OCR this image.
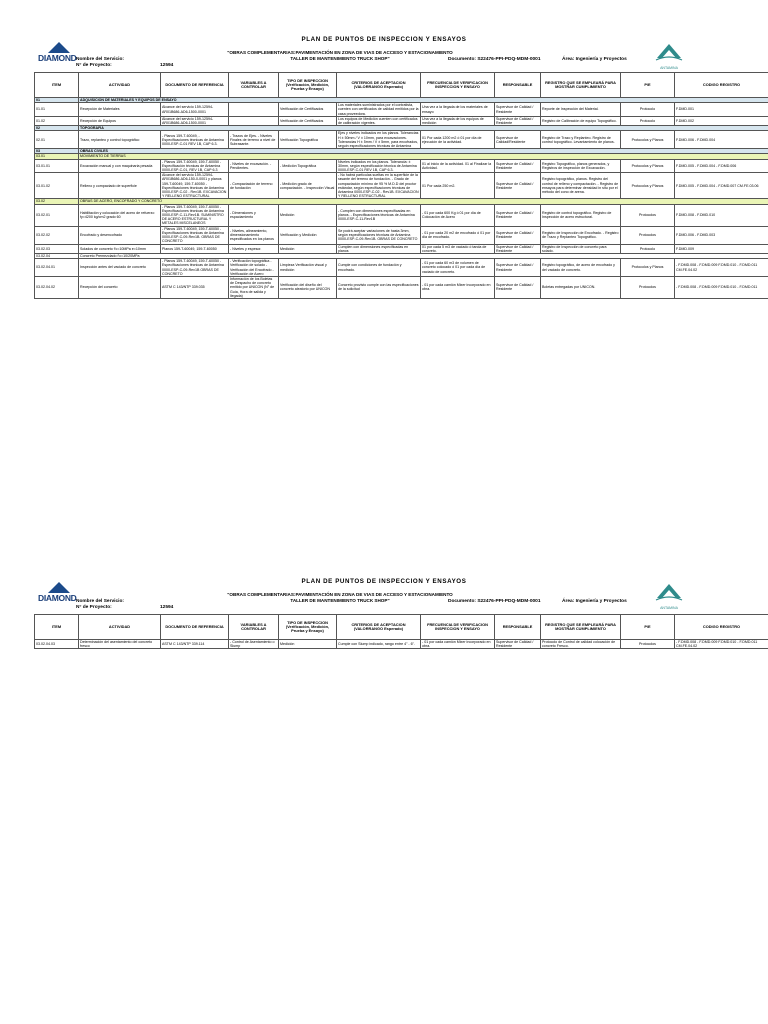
DIAMOND
PLAN DE PUNTOS DE INSPECCION Y ENSAYOS
"OBRAS COMPLEMENTARIAS:PAVIMENTACIÓN EN ZONA DE VIAS DE ACCESO Y ESTACIONAMIENTO
TALLER DE MANTENIMIENTO TRUCK SHOP"
Nombre del Servicio:
N° de Proyecto:	12594
Documento: S22476-PPI-PDQ-MDM-0001	Área: Ingeniería y Proyectos
ANTAMINA
ITEM	ACTIVIDAD	DOCUMENTO DE REFERENCIA	VARIABLES A CONTROLAR	TIPO DE INSPECCION (Verificación, Medición, Prueba y Ensayo)	CRITERIOS DE ACEPTACION (VALORRANGO Esperado)	FRECUENCIA DE VERIFICACION INSPECCION Y ENSAYO	RESPONSABLE	REGISTRO QUE SE EMPLEARÁ PARA MOSTRAR CUMPLIMIENTO	P/E	CODIGO REGISTRO
01	ADQUISICION DE MATERIALES Y EQUIPOS DE ENSAYO									
01.01	Recepción de Materiales	Alcance del servicio 159-12594-AR01B686-AD6-1500-0001		Verificación de Certificados	Los materiales suministrados por el contratista, cuenten con certificados de calidad emitidos por la casa proveedora.	Una vez a la llegada de los materiales de ensayo	Supervisor de Calidad / Residente	Reporte de Inspección del Material.	Protocolo	F.DMD.001
01.02	Recepción de Equipos	Alcance del servicio 159-12594-AR01B686-AD6-1500-0001		Verificación de Certificados	Los equipos de Medición cuenten con certificados de calibración vigentes.	Una vez a la llegada de los equipos de medición	Supervisor de Calidad / Residente	Registro de Calibración de equipo Topográfico.	Protocolo	F.DMD.002
02	TOPOGRAFIA									
02.01	Trazo, replanteo y control topográfico	- Planos 159-T-60049, - Especificaciones técnicas de Antamina 0000-ESP-C-01 REV 1B, CAP 6.3.	- Trazos de Ejes. - Niveles Finales de terreno a nivel de Subrasante.	Verificación Topográfica	Ejes y niveles indicados en los planos. Tolerancias H ± 50mm / V ± 10mm, para excavaciones. Tolerancias H ± 5mm / V ± 5mm, para encofrados, seguin especificaciones técnicas de Antamina	01 Por cada 1200 m2 ó 01 por día de ejecución de la actividad.	Supervisor de Calidad/Residente	Registro de Trazo y Replanteo. Registro de control topográfico. Levantamiento de planos.	Protocolos y Planos	F.DMD.006 - F.DMD.004
03	OBRAS CIVILES									
03.01	MOVIMIENTO DE TIERRAS									
03.01.01	Excavación manual y con maquinaria pesada	- Planos 159-T-60049, 159-T-60050 - Especificación técnicas de Antamina 0000-ESP-C-01, REV 1B, CAP 6.3	- Niveles de excavación. - Pendientes.	- Medición Topográfica	Niveles indicados en los planos. Tolerancia: ± 30mm, según especificación técnica de Antamina 0000-ESP-C-01 REV 1B, CAP 6.3.	01 al inicio de la actividad. 01 al Finalizar la Actividad.	Supervisor de Calidad / Residente	Registro Topográfico, planos generados, y Registros de inspección de Excavación.	Protocolos y Planos	F.DMD.005 - F.DMD.004 - F.DMD.006
03.01.02	Relleno y compactado de superficie	Alcance del servicio 159-12594-AR01B686-AD6-150-0-0001 y planos 159-T-60049, 159-T-60050 - Especificaciones técnicas de Antamina 0000-ESP-C-02 - Rev1B. EXCAVACION Y RELLENO ESTRUCTURAL	- Compactación de terreno de fundación	- Medición grado de compactación. - Inspección Visual	- No habrá partículas sueltas en la superficie de la rasante del terreno de fundación. - Grado de compactación mínimo de 95 % M.D.D del proctor estándar, según especificaciones técnicas de Antamina 0000-ESP-C-02 - Rev1B. EXCAVACION Y RELLENO ESTRUCTURAL	01 Por cada 250 m2.	Supervisor de Calidad / Residente	Registro topográfico, planos. Registro del control de relleno y compactación. - Registro de ensayos para determinar densidad in situ por el método del cono de arena.	Protocolos y Planos	F.DMD.005 - F.DMD.004 - F.DMD.007 CM.FE.03.06
03.02	OBRAS DE ACERO, ENCOFRADO Y CONCRETO									
03.02.01	Habilitación y colocación del acero de refuerzo fy=4200 kg/cm2 grado 60	- Planos 159-T-60049, 159-T-60050 - Especificaciones técnicas de Antamina 0000-ESP-C-11-Rev1B. SUMINISTRO DE ACERO ESTRUCTURAL Y METALES MISCELANEOS	- Dimensiones y espaciamiento	Medición	- Cumplen con dimensiones especificadas en planos. - Especificaciones técnicas de Antamina 0000-ESP-C-11-Rev1B	- 01 por cada 600 Kg ó 01 por día de Colocación de Acero	Supervisor de Calidad / Residente	Registro de control topográfico. Registro de Inspección de acero estructural.	Protocolos	F.DMD.008 - F.DMD.010
03.02.02	Encofrado y desencofrado	- Planos 159-T-60049, 159-T-60050 - Especificaciones técnicas de Antamina 0000-ESP-C-09-Rev1B. OBRAS DE CONCRETO	- Niveles, alineamiento, dimensionamiento especificados en los planos	Verificación y Medición	Se podrá aceptar variaciones de hasta 3mm, según especificaciones técnicas de Antamina 0000-ESP-C-09-Rev1B. OBRAS DE CONCRETO	- 01 por cada 20 m2 de encofrado ó 01 por día de encofrado.	Supervisor de Calidad / Residente	Registro de Inspección de Encofrado. - Registro de Trazo y Replanteo Topográfico.	Protocolos	F.DMD.006 - F.DMD.003
03.02.03	Solados de concreto f'c=10MPa e=10mm	Planos 159-T-60049, 159-T-60050	- Niveles y espesor.	Medición	Cumplen con dimensiones especificadas en planos	01 por cada 5 m3 de vaciado ó tanda de concreto.	Supervisor de Calidad / Residente	Registro de Inspección de concreto para solado.	Protocolo	F.DMD.009
03.02.04	Concreto Premezclado f'c=10/20MPa									
03.02.04.01	Inspección antes del vaciado de concreto	- Planos 159-T-60049, 159-T-60050 - Especificaciones técnicas de Antamina 0000-ESP-C-09-Rev1B OBRAS DE CONCRETO	- Verificación topográfica - Verificación de solado - Verificación del Encofrado - Verificación de Acero	Limpieza Verificación visual y medición	Cumple con condiciones de fundación y encofrado.	- 01 por cada 60 m3 de volumen de concreto colocado ó 01 por cada día de vaciado de concreto.	Supervisor de Calidad / Residente	Registro topográfico, de acero de encofrado y del vaciado de concreto.	Protocolos y Planos	- F.DMD.008 - F.DMD.009 F.DMD.010 - F.DMD.011 CM.FE.04.02
03.02.04.02	Recepción del concreto	ASTM C 143/NTP 339.035	Información de los Boletas de Despacho de concreto emitido por UNICON (N° de Guía, Hora de salida y llegada)	Verificación del diseño del concreto aleatorio por UNICON	Concreto provisto cumple con las especificaciones de la solicitud	- 01 por cada camión Mixer incorporado en obra.	Supervisor de Calidad / Residente	Boletas entregadas por UNICON.	Protocolos	- F.DMD.008 - F.DMD.009 F.DMD.010 - F.DMD.011
DIAMOND
PLAN DE PUNTOS DE INSPECCION Y ENSAYOS
"OBRAS COMPLEMENTARIAS:PAVIMENTACIÓN EN ZONA DE VIAS DE ACCESO Y ESTACIONAMIENTO
TALLER DE MANTENIMIENTO TRUCK SHOP"
Nombre del Servicio:
N° de Proyecto:	12594
Documento: S22476-PPI-PDQ-MDM-0001	Área: Ingeniería y Proyectos
ANTAMINA
ITEM	ACTIVIDAD	DOCUMENTO DE REFERENCIA	VARIABLES A CONTROLAR	TIPO DE INSPECCION (Verificación, Medición, Prueba y Ensayo)	CRITERIOS DE ACEPTACION (VALORRANGO Esperado)	FRECUENCIA DE VERIFICACION INSPECCION Y ENSAYO	RESPONSABLE	REGISTRO QUE SE EMPLEARÁ PARA MOSTRAR CUMPLIMIENTO	P/E	CODIGO REGISTRO
03.02.04.03	Determinación del asentamiento del concreto fresco	ASTM C 143/NTP 339.114	- Control de Asentamiento o Slump	Medición	Cumple con Slump indicado, rango entre 4" - 6".	- 01 por cada camión Mixer incorporado en obra.	Supervisor de Calidad / Residente	Protocolo de Control de calidad colocación de concreto Fresco.	Protocolos	- F.DMD.008 - F.DMD.009 F.DMD.010 - F.DMD.011 CM.FE.04.02
